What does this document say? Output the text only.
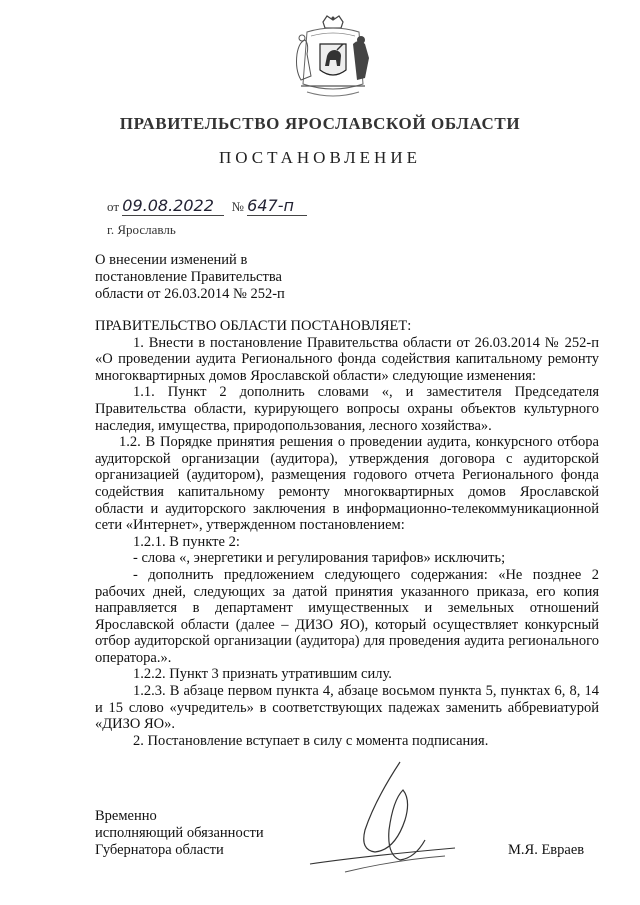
ПРАВИТЕЛЬСТВО ЯРОСЛАВСКОЙ ОБЛАСТИ
ПОСТАНОВЛЕНИЕ
от 09.08.2022 № 647-п
г. Ярославль
О внесении изменений в
постановление Правительства
области от 26.03.2014 № 252-п

ПРАВИТЕЛЬСТВО ОБЛАСТИ ПОСТАНОВЛЯЕТ:

1. Внести в постановление Правительства области от 26.03.2014 № 252-п «О проведении аудита Регионального фонда содействия капитальному ремонту многоквартирных домов Ярославской области» следующие изменения:

1.1. Пункт 2 дополнить словами «, и заместителя Председателя Правительства области, курирующего вопросы охраны объектов культурного наследия, имущества, природопользования, лесного хозяйства».

1.2. В Порядке принятия решения о проведении аудита, конкурсного отбора аудиторской организации (аудитора), утверждения договора с аудиторской организацией (аудитором), размещения годового отчета Регионального фонда содействия капитальному ремонту многоквартирных домов Ярославской области и аудиторского заключения в информационно-телекоммуникационной сети «Интернет», утвержденном постановлением:

1.2.1. В пункте 2:

- слова «, энергетики и регулирования тарифов» исключить;

- дополнить предложением следующего содержания: «Не позднее 2 рабочих дней, следующих за датой принятия указанного приказа, его копия направляется в департамент имущественных и земельных отношений Ярославской области (далее – ДИЗО ЯО), который осуществляет конкурсный отбор аудиторской организации (аудитора) для проведения аудита регионального оператора.».

1.2.2. Пункт 3 признать утратившим силу.

1.2.3. В абзаце первом пункта 4, абзаце восьмом пункта 5, пунктах 6, 8, 14 и 15 слово «учредитель» в соответствующих падежах заменить аббревиатурой «ДИЗО ЯО».

2. Постановление вступает в силу с момента подписания.

Временно
исполняющий обязанности
Губернатора области	М.Я. Евраев
